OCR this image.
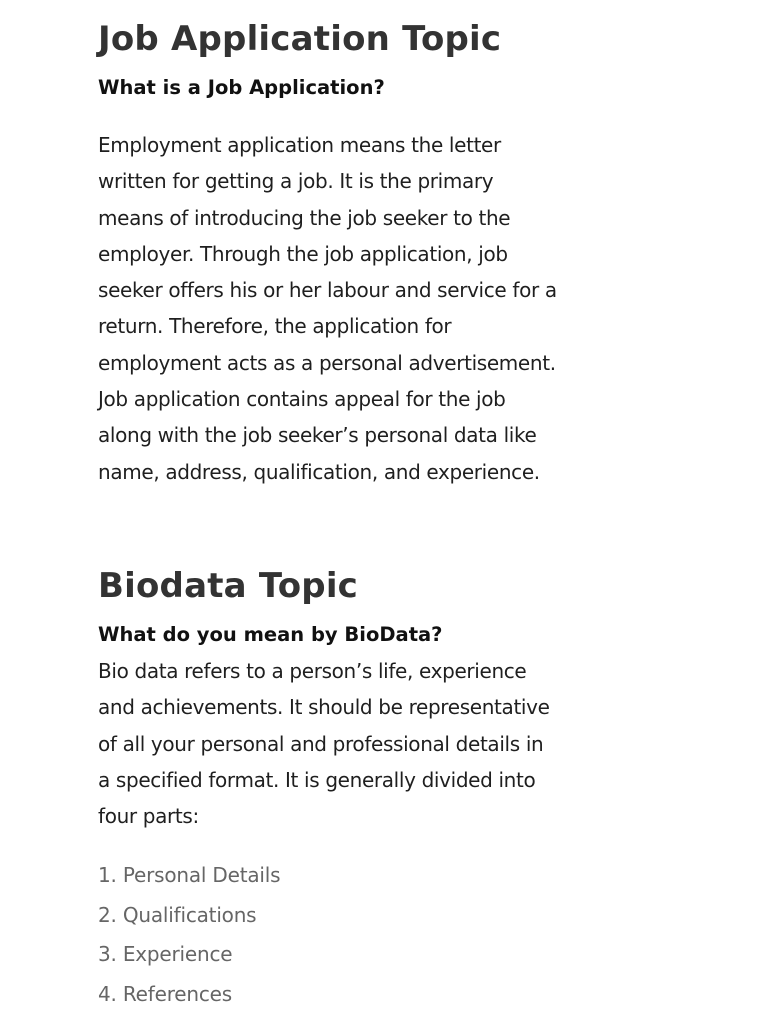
Job Application Topic
What is a Job Application?

Employment application means the letter
written for getting a job. It is the primary
means of introducing the job seeker to the
employer. Through the job application, job
seeker offers his or her labour and service for a
return. Therefore, the application for
employment acts as a personal advertisement.
Job application contains appeal for the job
along with the job seeker’s personal data like
name, address, qualification, and experience.

Biodata Topic
What do you mean by BioData?

Bio data refers to a person’s life, experience
and achievements. It should be representative
of all your personal and professional details in
a specified format. It is generally divided into
four parts:

1. Personal Details
2. Qualifications
3. Experience
4. References
